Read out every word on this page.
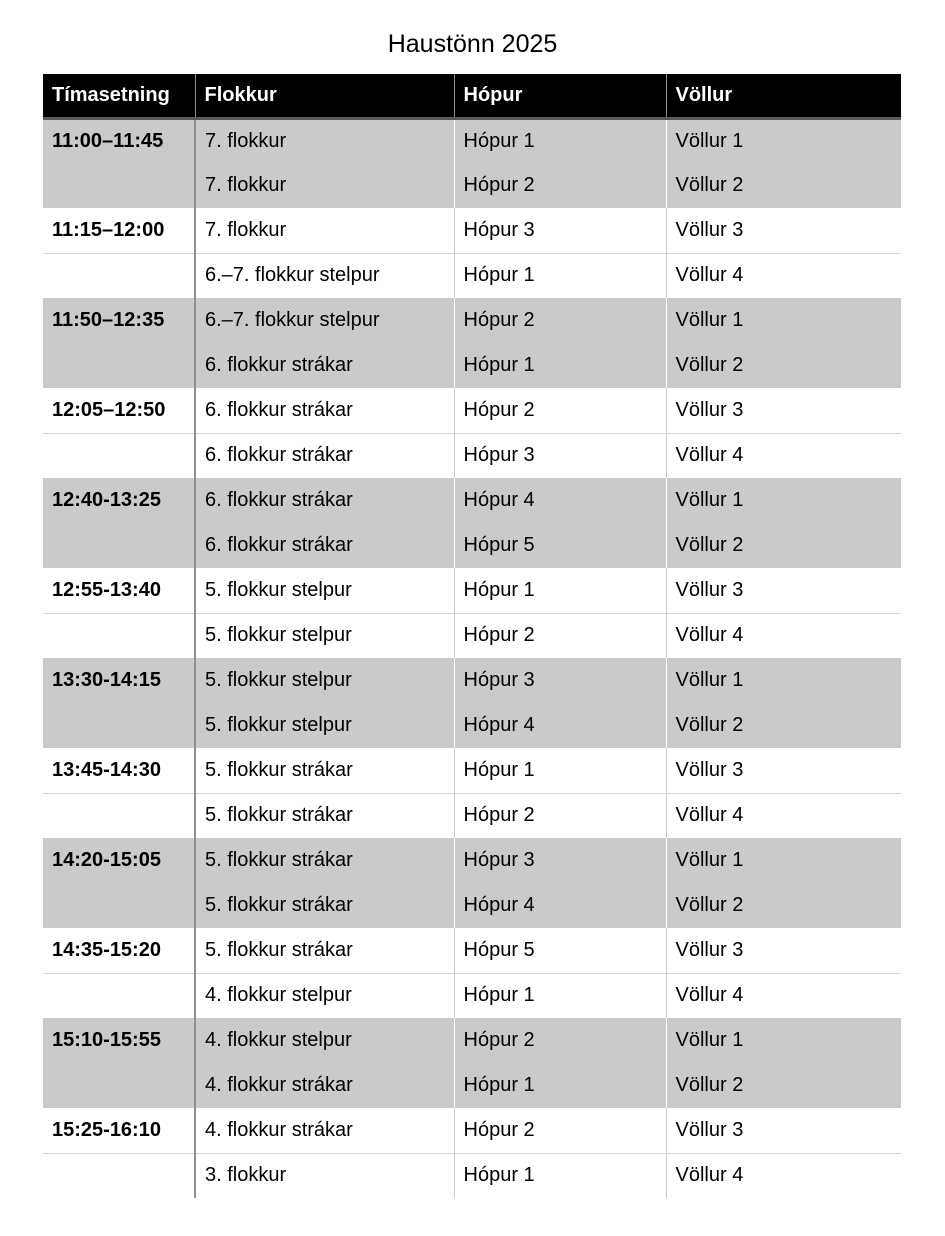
Haustönn 2025
Tímasetning	Flokkur	Hópur	Völlur
11:00–11:45	7. flokkur	Hópur 1	Völlur 1
	7. flokkur	Hópur 2	Völlur 2
11:15–12:00	7. flokkur	Hópur 3	Völlur 3
	6.–7. flokkur stelpur	Hópur 1	Völlur 4
11:50–12:35	6.–7. flokkur stelpur	Hópur 2	Völlur 1
	6. flokkur strákar	Hópur 1	Völlur 2
12:05–12:50	6. flokkur strákar	Hópur 2	Völlur 3
	6. flokkur strákar	Hópur 3	Völlur 4
12:40-13:25	6. flokkur strákar	Hópur 4	Völlur 1
	6. flokkur strákar	Hópur 5	Völlur 2
12:55-13:40	5. flokkur stelpur	Hópur 1	Völlur 3
	5. flokkur stelpur	Hópur 2	Völlur 4
13:30-14:15	5. flokkur stelpur	Hópur 3	Völlur 1
	5. flokkur stelpur	Hópur 4	Völlur 2
13:45-14:30	5. flokkur strákar	Hópur 1	Völlur 3
	5. flokkur strákar	Hópur 2	Völlur 4
14:20-15:05	5. flokkur strákar	Hópur 3	Völlur 1
	5. flokkur strákar	Hópur 4	Völlur 2
14:35-15:20	5. flokkur strákar	Hópur 5	Völlur 3
	4. flokkur stelpur	Hópur 1	Völlur 4
15:10-15:55	4. flokkur stelpur	Hópur 2	Völlur 1
	4. flokkur strákar	Hópur 1	Völlur 2
15:25-16:10	4. flokkur strákar	Hópur 2	Völlur 3
	3. flokkur	Hópur 1	Völlur 4
